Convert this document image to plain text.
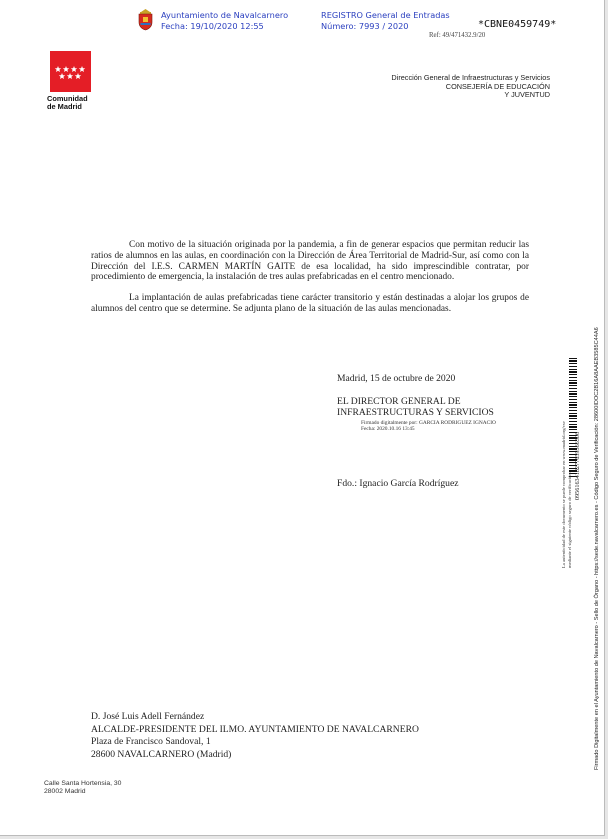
Ayuntamiento de Navalcarnero
Fecha: 19/10/2020 12:55
REGISTRO General de Entradas
Número: 7993 / 2020	*CBNE0459749*
Ref: 49/471432.9/20
Comunidad
de Madrid
Dirección General de Infraestructuras y Servicios
CONSEJERÍA DE EDUCACIÓN
Y JUVENTUD

Con motivo de la situación originada por la pandemia, a fin de generar espacios que permitan reducir las ratios de alumnos en las aulas, en coordinación con la Dirección de Área Territorial de Madrid-Sur, así como con la Dirección del I.E.S. CARMEN MARTÍN GAITE de esa localidad, ha sido imprescindible contratar, por procedimiento de emergencia, la instalación de tres aulas prefabricadas en el centro mencionado.

La implantación de aulas prefabricadas tiene carácter transitorio y están destinadas a alojar los grupos de alumnos del centro que se determine. Se adjunta plano de la situación de las aulas mencionadas.

Madrid, 15 de octubre de 2020
EL DIRECTOR GENERAL DE
INFRAESTRUCTURAS Y SERVICIOS
Firmado digitalmente por: GARCIA RODRIGUEZ IGNACIO
Fecha: 2020.10.16 13:45
Fdo.: Ignacio García Rodríguez
D. José Luis Adell Fernández
ALCALDE-PRESIDENTE DEL ILMO. AYUNTAMIENTO DE NAVALCARNERO
Plaza de Francisco Sandoval, 1
28600 NAVALCARNERO (Madrid)
Calle Santa Hortensia, 30
28002 Madrid
La autenticidad de este documento se puede comprobar en www.madrid.org/csv mediante el siguiente código seguro de verificación:
0956163418277659366306 Firmado Digitalmente en el Ayuntamiento de Navalcarnero - Sello de Órgano - https://sede.navalcarnero.es - Código Seguro de Verificación: 28600IDOC2B16A8AAEB3585C44A6
